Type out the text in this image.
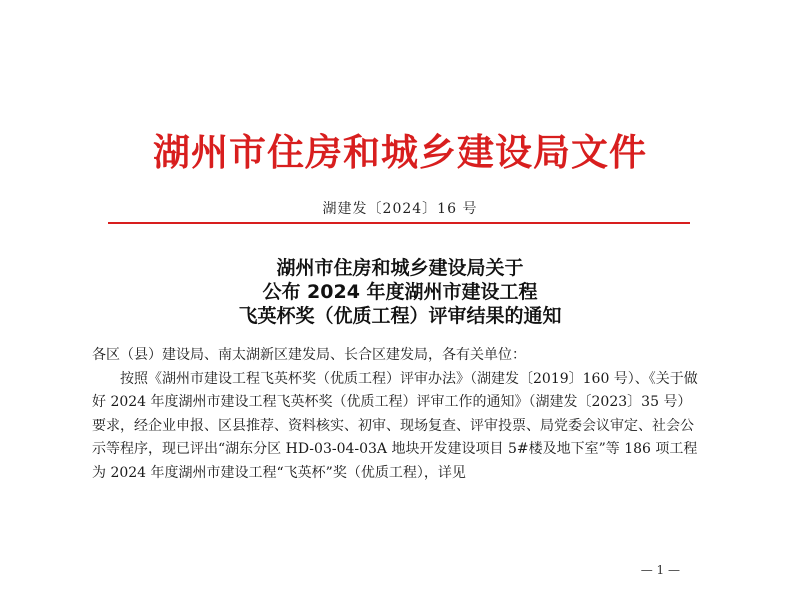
湖州市住房和城乡建设局文件
湖建发〔2024〕16 号
湖州市住房和城乡建设局关于
公布 2024 年度湖州市建设工程
飞英杯奖（优质工程）评审结果的通知

各区（县）建设局、南太湖新区建发局、长合区建发局，各有关单位：

按照《湖州市建设工程飞英杯奖（优质工程）评审办法》（湖建发〔2019〕160 号）、《关于做好 2024 年度湖州市建设工程飞英杯奖（优质工程）评审工作的通知》（湖建发〔2023〕35 号）要求，经企业申报、区县推荐、资料核实、初审、现场复查、评审投票、局党委会议审定、社会公示等程序，现已评出“湖东分区 HD-03-04-03A 地块开发建设项目 5#楼及地下室”等 186 项工程为 2024 年度湖州市建设工程“飞英杯”奖（优质工程），详见

— 1 —
